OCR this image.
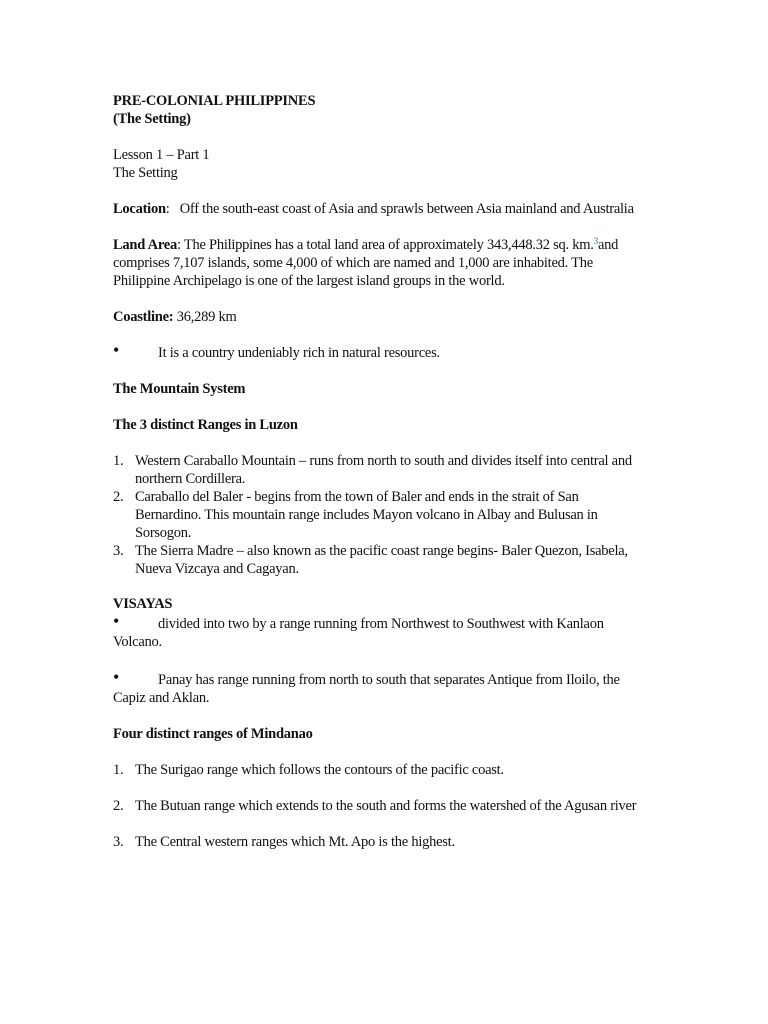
PRE-COLONIAL PHILIPPINES

(The Setting)

Lesson 1 – Part 1

The Setting

Location: Off the south-east coast of Asia and sprawls between Asia mainland and Australia

Land Area: The Philippines has a total land area of approximately 343,448.32 sq. km.$^3$and comprises 7,107 islands, some 4,000 of which are named and 1,000 are inhabited. The Philippine Archipelago is one of the largest island groups in the world.

Coastline: 36,289 km

•	It is a country undeniably rich in natural resources.

The Mountain System

The 3 distinct Ranges in Luzon

1. Western Caraballo Mountain – runs from north to south and divides itself into central and northern Cordillera.
2. Caraballo del Baler - begins from the town of Baler and ends in the strait of San Bernardino. This mountain range includes Mayon volcano in Albay and Bulusan in Sorsogon.
3. The Sierra Madre – also known as the pacific coast range begins- Baler Quezon, Isabela, Nueva Vizcaya and Cagayan.

VISAYAS

•	divided into two by a range running from Northwest to Southwest with Kanlaon Volcano.

•	Panay has range running from north to south that separates Antique from Iloilo, the Capiz and Aklan.

Four distinct ranges of Mindanao

1. The Surigao range which follows the contours of the pacific coast.
2. The Butuan range which extends to the south and forms the watershed of the Agusan river
3. The Central western ranges which Mt. Apo is the highest.
